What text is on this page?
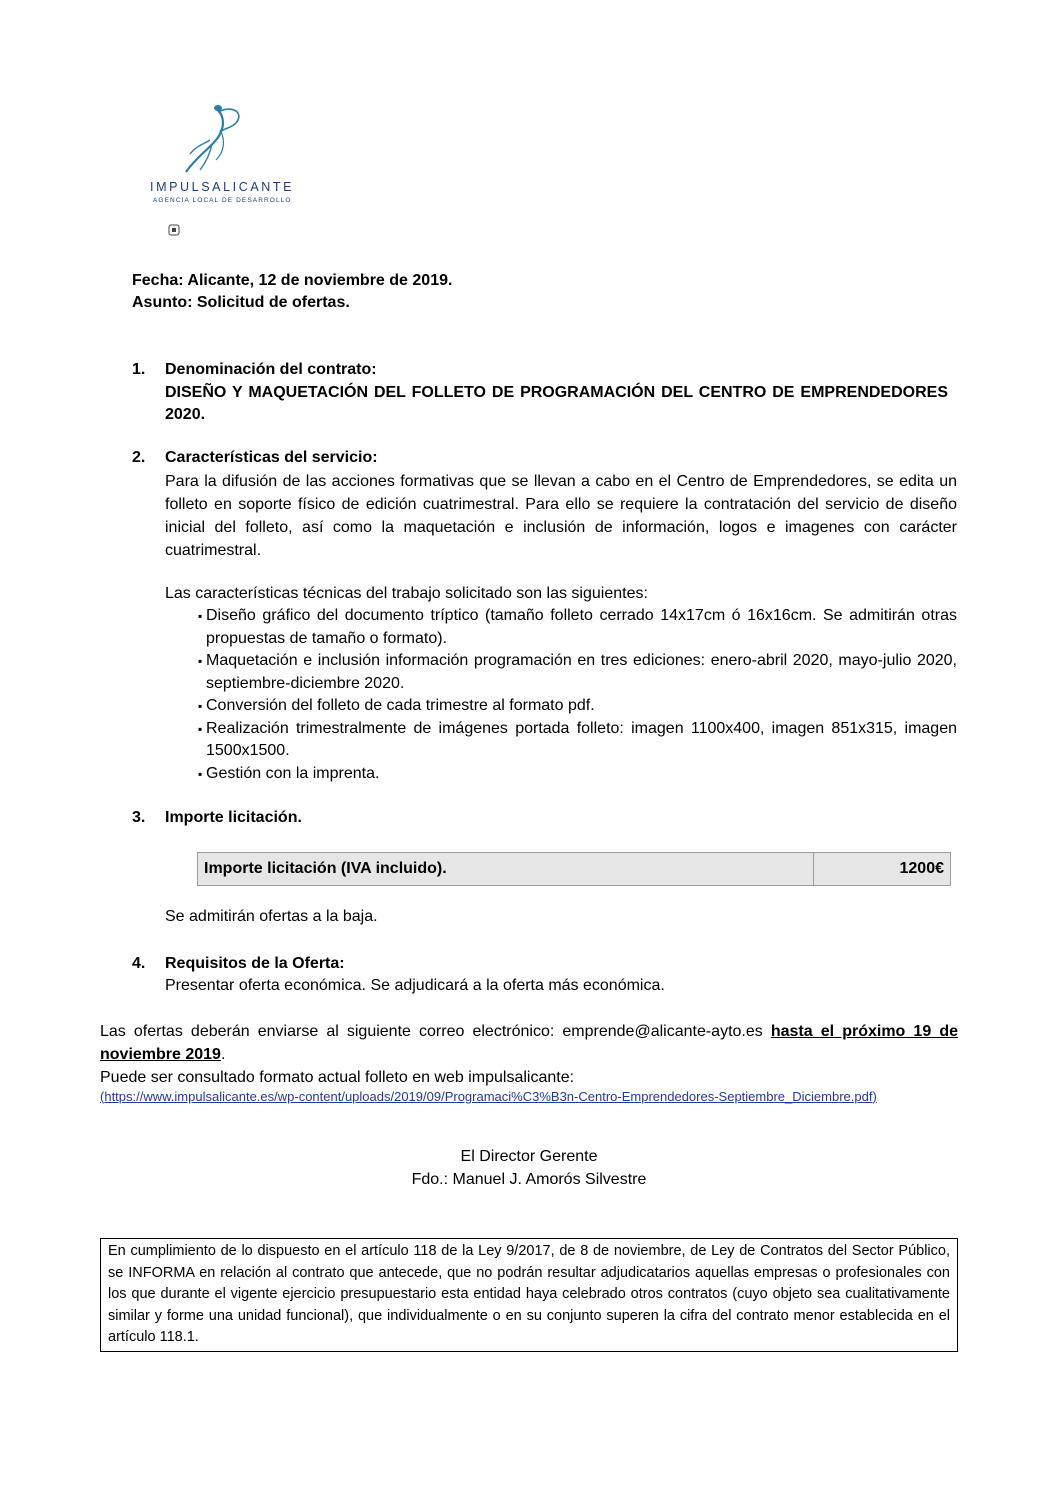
IMPULSALICANTE
AGENCIA LOCAL DE DESARROLLO
Fecha: Alicante, 12 de noviembre de 2019.
Asunto: Solicitud de ofertas.
1. Denominación del contrato:
DISEÑO Y MAQUETACIÓN DEL FOLLETO DE PROGRAMACIÓN DEL CENTRO DE EMPRENDEDORES 2020.
2. Características del servicio:
Para la difusión de las acciones formativas que se llevan a cabo en el Centro de Emprendedores, se edita un folleto en soporte físico de edición cuatrimestral. Para ello se requiere la contratación del servicio de diseño inicial del folleto, así como la maquetación e inclusión de información, logos e imagenes con carácter cuatrimestral.
Las características técnicas del trabajo solicitado son las siguientes:
▪ Diseño gráfico del documento tríptico (tamaño folleto cerrado 14x17cm ó 16x16cm. Se admitirán otras propuestas de tamaño o formato).
▪ Maquetación e inclusión información programación en tres ediciones: enero-abril 2020, mayo-julio 2020, septiembre-diciembre 2020.
▪ Conversión del folleto de cada trimestre al formato pdf.
▪ Realización trimestralmente de imágenes portada folleto: imagen 1100x400, imagen 851x315, imagen 1500x1500.
▪ Gestión con la imprenta.
3. Importe licitación.
Importe licitación (IVA incluido).	1200€
Se admitirán ofertas a la baja.
4. Requisitos de la Oferta:
Presentar oferta económica. Se adjudicará a la oferta más económica.
Las ofertas deberán enviarse al siguiente correo electrónico: emprende@alicante-ayto.es hasta el próximo 19 de noviembre 2019.
Puede ser consultado formato actual folleto en web impulsalicante:
(https://www.impulsalicante.es/wp-content/uploads/2019/09/Programaci%C3%B3n-Centro-Emprendedores-Septiembre_Diciembre.pdf)
El Director Gerente
Fdo.: Manuel J. Amorós Silvestre
En cumplimiento de lo dispuesto en el artículo 118 de la Ley 9/2017, de 8 de noviembre, de Ley de Contratos del Sector Público, se INFORMA en relación al contrato que antecede, que no podrán resultar adjudicatarios aquellas empresas o profesionales con los que durante el vigente ejercicio presupuestario esta entidad haya celebrado otros contratos (cuyo objeto sea cualitativamente similar y forme una unidad funcional), que individualmente o en su conjunto superen la cifra del contrato menor establecida en el artículo 118.1.
